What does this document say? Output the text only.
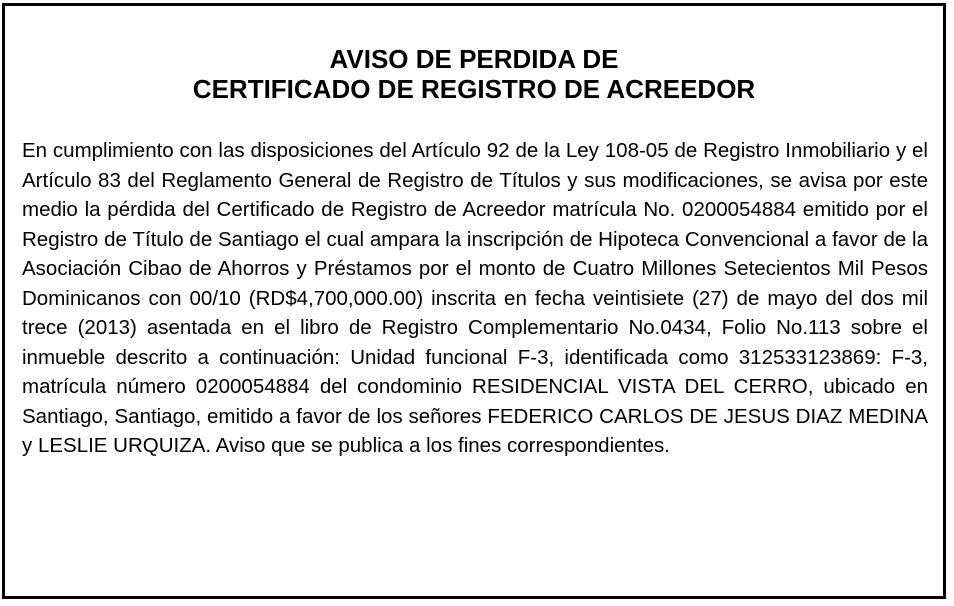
AVISO DE PERDIDA DE
CERTIFICADO DE REGISTRO DE ACREEDOR

En cumplimiento con las disposiciones del Artículo 92 de la Ley 108-05 de Registro Inmobiliario y el Artículo 83 del Reglamento General de Registro de Títulos y sus modificaciones, se avisa por este medio la pérdida del Certificado de Registro de Acreedor matrícula No. 0200054884 emitido por el Registro de Título de Santiago el cual ampara la inscripción de Hipoteca Convencional a favor de la Asociación Cibao de Ahorros y Préstamos por el monto de Cuatro Millones Setecientos Mil Pesos Dominicanos con 00/10 (RD$4,700,000.00) inscrita en fecha veintisiete (27) de mayo del dos mil trece (2013) asentada en el libro de Registro Complementario No.0434, Folio No.113 sobre el inmueble descrito a continuación: Unidad funcional F-3, identificada como 312533123869: F-3, matrícula número 0200054884 del condominio RESIDENCIAL VISTA DEL CERRO, ubicado en Santiago, Santiago, emitido a favor de los señores FEDERICO CARLOS DE JESUS DIAZ MEDINA y LESLIE URQUIZA. Aviso que se publica a los fines correspondientes.
